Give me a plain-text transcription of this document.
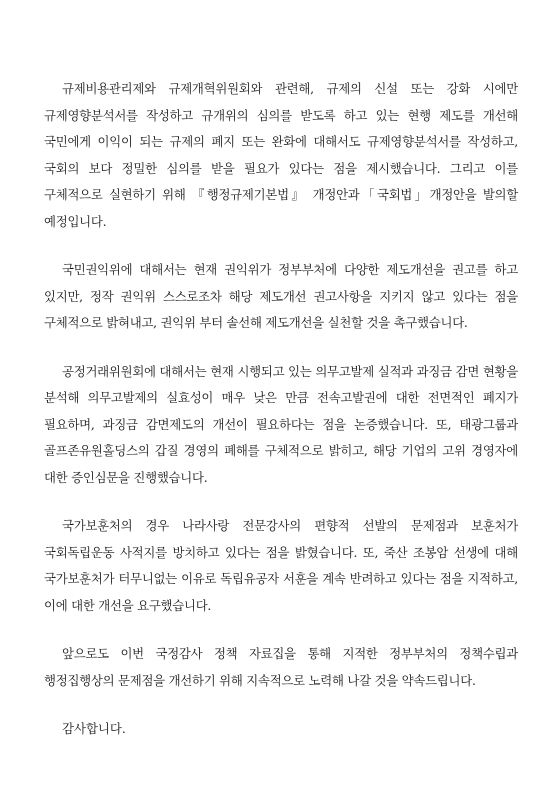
규제비용관리제와 규제개혁위원회와 관련해, 규제의 신설 또는 강화 시에만 규제영향분석서를 작성하고 규개위의 심의를 받도록 하고 있는 현행 제도를 개선해 국민에게 이익이 되는 규제의 폐지 또는 완화에 대해서도 규제영향분석서를 작성하고, 국회의 보다 정밀한 심의를 받을 필요가 있다는 점을 제시했습니다. 그리고 이를 구체적으로 실현하기 위해 『행정규제기본법』 개정안과「국회법」개정안을 발의할 예정입니다.

국민권익위에 대해서는 현재 권익위가 정부부처에 다양한 제도개선을 권고를 하고 있지만, 정작 권익위 스스로조차 해당 제도개선 권고사항을 지키지 않고 있다는 점을 구체적으로 밝혀내고, 권익위 부터 솔선해 제도개선을 실천할 것을 촉구했습니다.

공정거래위원회에 대해서는 현재 시행되고 있는 의무고발제 실적과 과징금 감면 현황을 분석해 의무고발제의 실효성이 매우 낮은 만큼 전속고발권에 대한 전면적인 폐지가 필요하며, 과징금 감면제도의 개선이 필요하다는 점을 논증했습니다. 또, 태광그룹과 골프존유원홀딩스의 갑질 경영의 폐해를 구체적으로 밝히고, 해당 기업의 고위 경영자에 대한 증인심문을 진행했습니다.

국가보훈처의 경우 나라사랑 전문강사의 편향적 선발의 문제점과 보훈처가 국회독립운동 사적지를 방치하고 있다는 점을 밝혔습니다. 또, 죽산 조봉암 선생에 대해 국가보훈처가 터무니없는 이유로 독립유공자 서훈을 계속 반려하고 있다는 점을 지적하고, 이에 대한 개선을 요구했습니다.

앞으로도 이번 국정감사 정책 자료집을 통해 지적한 정부부처의 정책수립과 행정집행상의 문제점을 개선하기 위해 지속적으로 노력해 나갈 것을 약속드립니다.

감사합니다.
